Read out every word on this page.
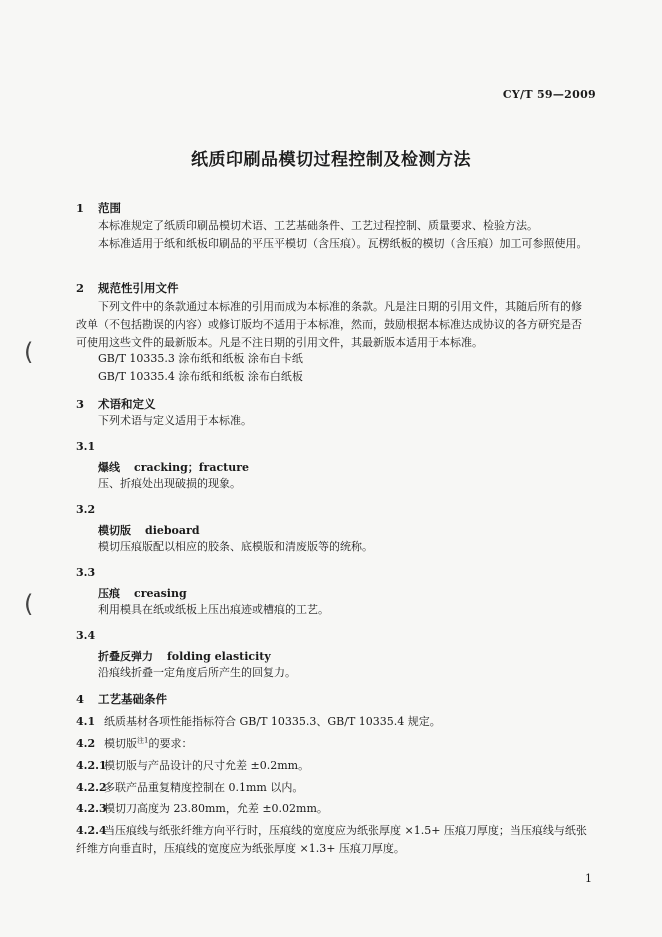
CY/T 59—2009
纸质印刷品模切过程控制及检测方法
1 范围
本标准规定了纸质印刷品模切术语、工艺基础条件、工艺过程控制、质量要求、检验方法。
本标准适用于纸和纸板印刷品的平压平模切（含压痕）。瓦楞纸板的模切（含压痕）加工可参照使用。
2 规范性引用文件
下列文件中的条款通过本标准的引用而成为本标准的条款。凡是注日期的引用文件，其随后所有的修改单（不包括勘误的内容）或修订版均不适用于本标准，然而，鼓励根据本标准达成协议的各方研究是否可使用这些文件的最新版本。凡是不注日期的引用文件，其最新版本适用于本标准。
GB/T 10335.3 涂布纸和纸板 涂布白卡纸
GB/T 10335.4 涂布纸和纸板 涂布白纸板
3 术语和定义
下列术语与定义适用于本标准。
3.1
爆线 cracking；fracture
压、折痕处出现破损的现象。
3.2
模切版 dieboard
模切压痕版配以相应的胶条、底模版和清废版等的统称。
3.3
压痕 creasing
利用模具在纸或纸板上压出痕迹或槽痕的工艺。
3.4
折叠反弹力 folding elasticity
沿痕线折叠一定角度后所产生的回复力。
4 工艺基础条件
4.1 纸质基材各项性能指标符合 GB/T 10335.3、GB/T 10335.4 规定。
4.2 模切版$^{注1}$的要求：
4.2.1模切版与产品设计的尺寸允差 ±0.2mm。
4.2.2多联产品重复精度控制在 0.1mm 以内。
4.2.3模切刀高度为 23.80mm，允差 ±0.02mm。
4.2.4当压痕线与纸张纤维方向平行时，压痕线的宽度应为纸张厚度 ×1.5+ 压痕刀厚度；当压痕线与纸张纤维方向垂直时，压痕线的宽度应为纸张厚度 ×1.3+ 压痕刀厚度。
1
(
(
